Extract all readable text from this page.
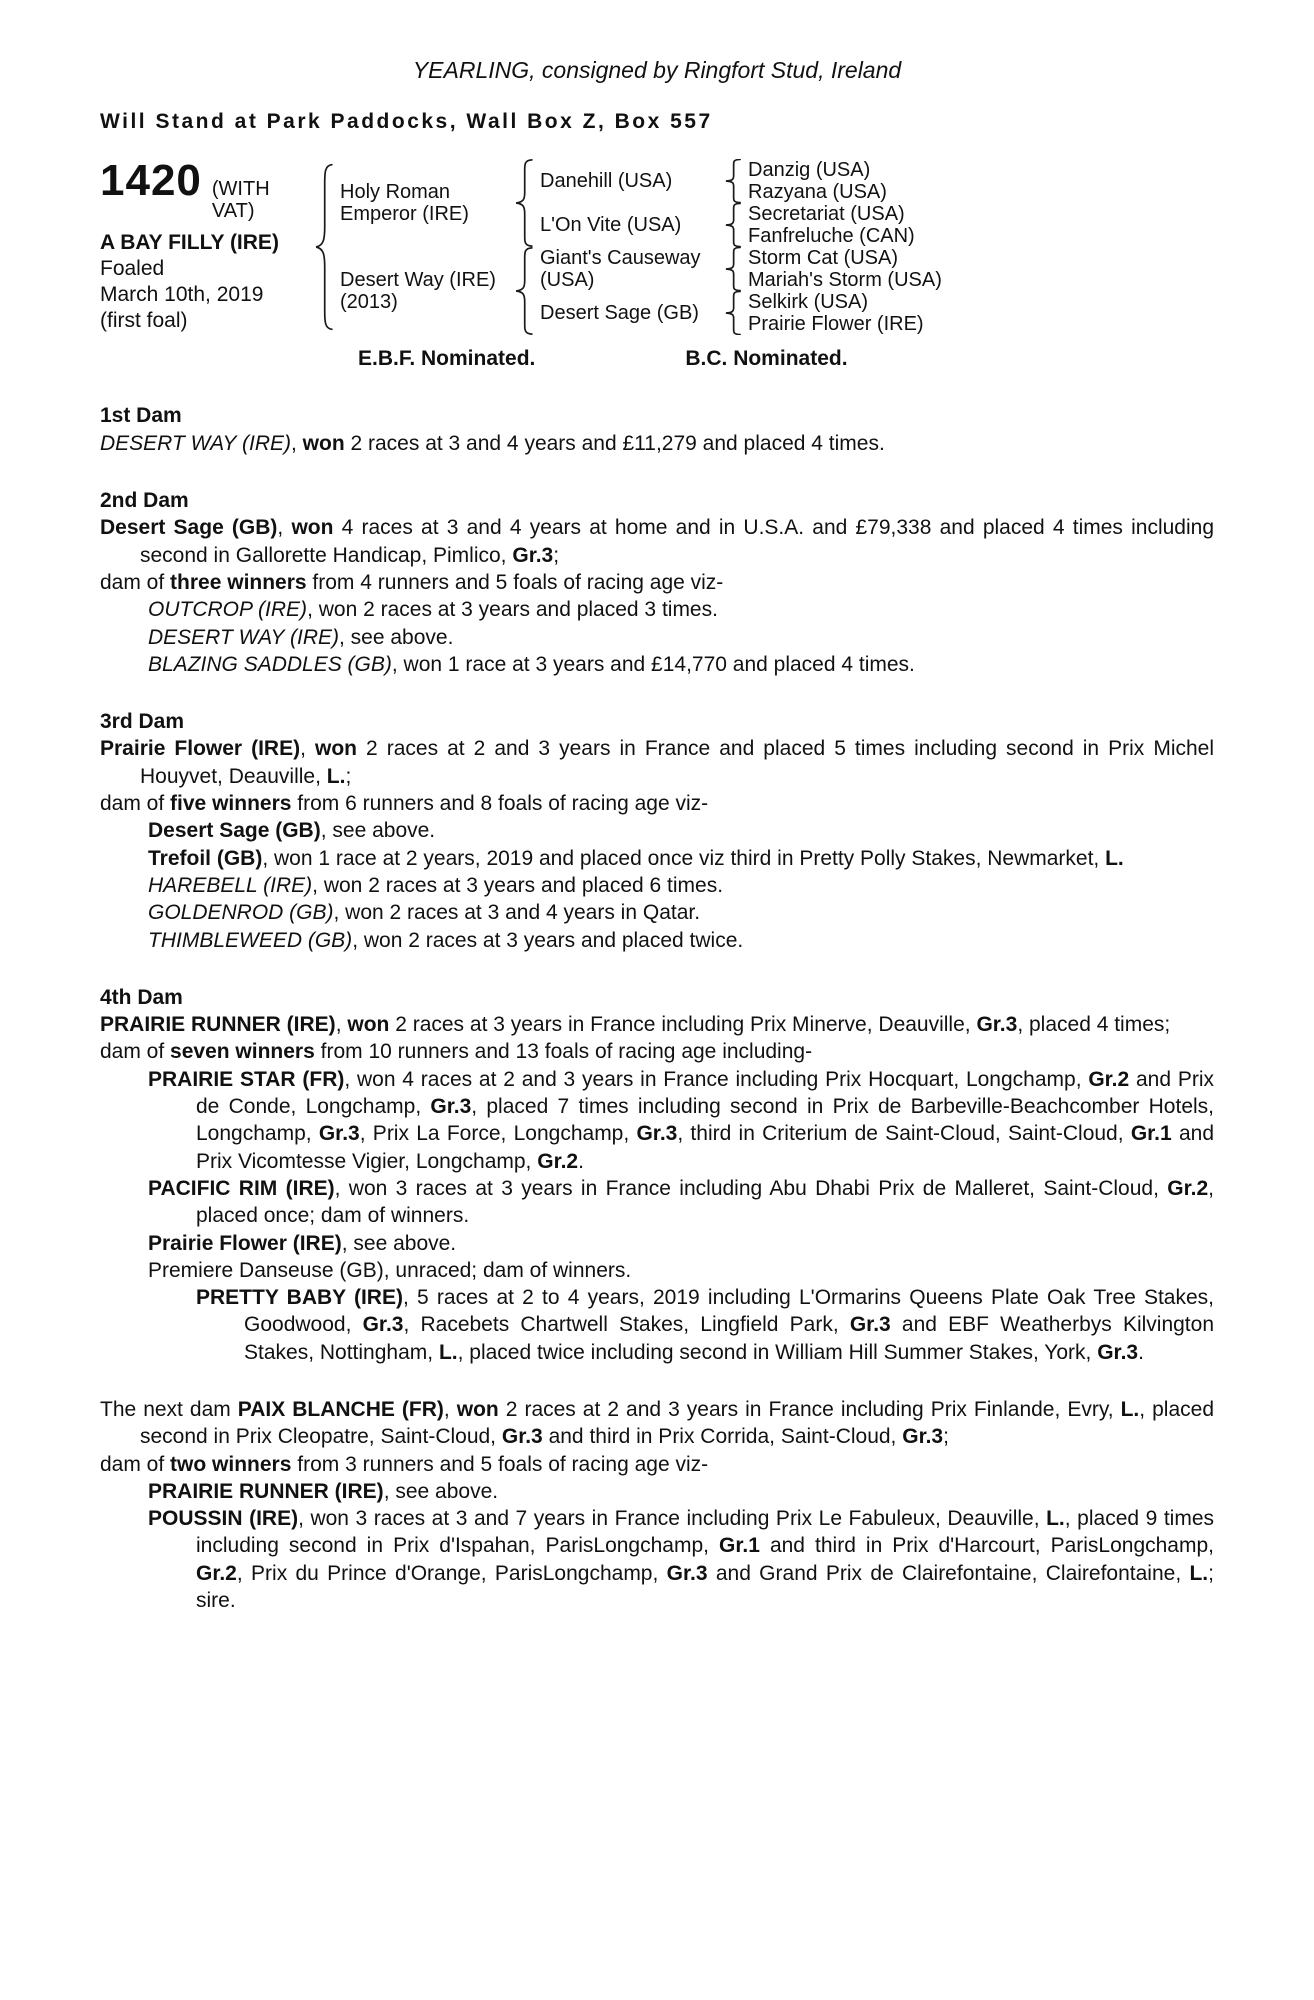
YEARLING, consigned by Ringfort Stud, Ireland
Will Stand at Park Paddocks, Wall Box Z, Box 557
1420 (WITH VAT)
A BAY FILLY (IRE)
Foaled
March 10th, 2019
(first foal)
Holy Roman Emperor (IRE)
Desert Way (IRE) (2013)
Danehill (USA)
L'On Vite (USA)
Giant's Causeway (USA)
Desert Sage (GB)
Danzig (USA)
Razyana (USA)
Secretariat (USA)
Fanfreluche (CAN)
Storm Cat (USA)
Mariah's Storm (USA)
Selkirk (USA)
Prairie Flower (IRE)
E.B.F. Nominated.	B.C. Nominated.
1st Dam

DESERT WAY (IRE), won 2 races at 3 and 4 years and £11,279 and placed 4 times.

2nd Dam

Desert Sage (GB), won 4 races at 3 and 4 years at home and in U.S.A. and £79,338 and placed 4 times including second in Gallorette Handicap, Pimlico, Gr.3;

dam of three winners from 4 runners and 5 foals of racing age viz-

OUTCROP (IRE), won 2 races at 3 years and placed 3 times.

DESERT WAY (IRE), see above.

BLAZING SADDLES (GB), won 1 race at 3 years and £14,770 and placed 4 times.

3rd Dam

Prairie Flower (IRE), won 2 races at 2 and 3 years in France and placed 5 times including second in Prix Michel Houyvet, Deauville, L.;

dam of five winners from 6 runners and 8 foals of racing age viz-

Desert Sage (GB), see above.

Trefoil (GB), won 1 race at 2 years, 2019 and placed once viz third in Pretty Polly Stakes, Newmarket, L.

HAREBELL (IRE), won 2 races at 3 years and placed 6 times.

GOLDENROD (GB), won 2 races at 3 and 4 years in Qatar.

THIMBLEWEED (GB), won 2 races at 3 years and placed twice.

4th Dam

PRAIRIE RUNNER (IRE), won 2 races at 3 years in France including Prix Minerve, Deauville, Gr.3, placed 4 times;

dam of seven winners from 10 runners and 13 foals of racing age including-

PRAIRIE STAR (FR), won 4 races at 2 and 3 years in France including Prix Hocquart, Longchamp, Gr.2 and Prix de Conde, Longchamp, Gr.3, placed 7 times including second in Prix de Barbeville-Beachcomber Hotels, Longchamp, Gr.3, Prix La Force, Longchamp, Gr.3, third in Criterium de Saint-Cloud, Saint-Cloud, Gr.1 and Prix Vicomtesse Vigier, Longchamp, Gr.2.

PACIFIC RIM (IRE), won 3 races at 3 years in France including Abu Dhabi Prix de Malleret, Saint-Cloud, Gr.2, placed once; dam of winners.

Prairie Flower (IRE), see above.

Premiere Danseuse (GB), unraced; dam of winners.

PRETTY BABY (IRE), 5 races at 2 to 4 years, 2019 including L'Ormarins Queens Plate Oak Tree Stakes, Goodwood, Gr.3, Racebets Chartwell Stakes, Lingfield Park, Gr.3 and EBF Weatherbys Kilvington Stakes, Nottingham, L., placed twice including second in William Hill Summer Stakes, York, Gr.3.

The next dam PAIX BLANCHE (FR), won 2 races at 2 and 3 years in France including Prix Finlande, Evry, L., placed second in Prix Cleopatre, Saint-Cloud, Gr.3 and third in Prix Corrida, Saint-Cloud, Gr.3;

dam of two winners from 3 runners and 5 foals of racing age viz-

PRAIRIE RUNNER (IRE), see above.

POUSSIN (IRE), won 3 races at 3 and 7 years in France including Prix Le Fabuleux, Deauville, L., placed 9 times including second in Prix d'Ispahan, ParisLongchamp, Gr.1 and third in Prix d'Harcourt, ParisLongchamp, Gr.2, Prix du Prince d'Orange, ParisLongchamp, Gr.3 and Grand Prix de Clairefontaine, Clairefontaine, L.; sire.
